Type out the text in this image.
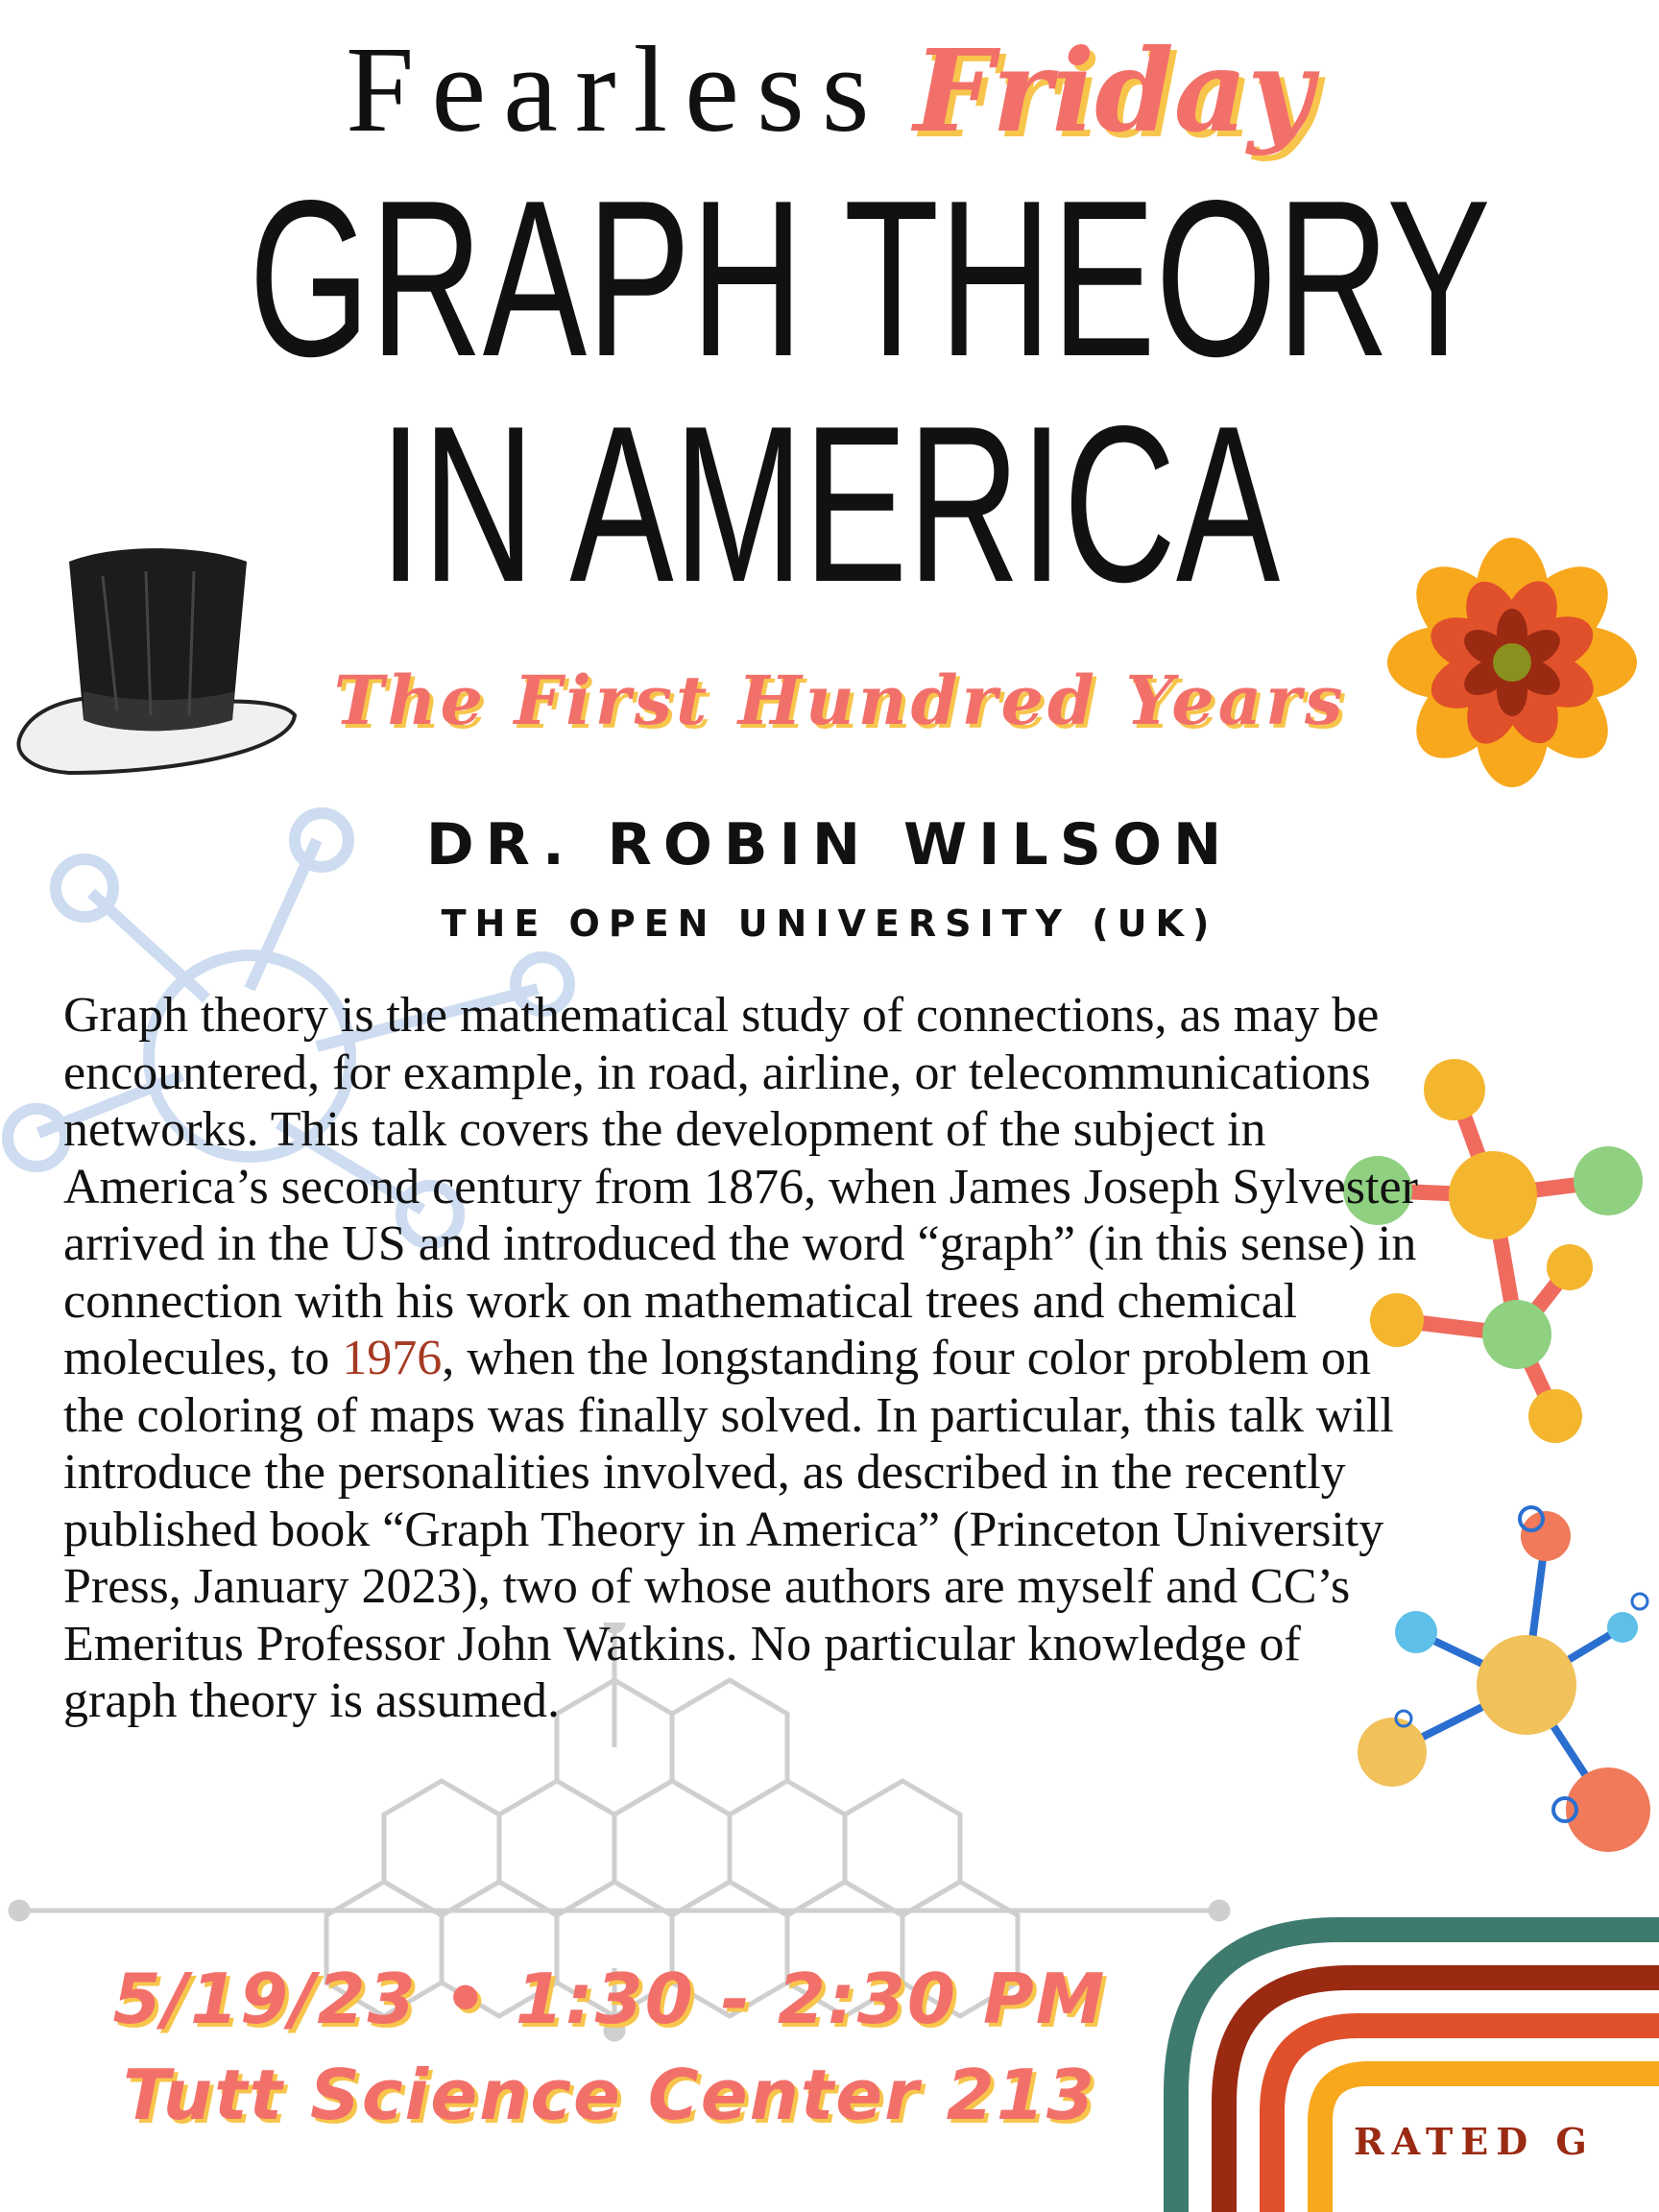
Fearless Friday
GRAPH THEORY
IN AMERICA
The First Hundred Years
DR. ROBIN WILSON
THE OPEN UNIVERSITY (UK)
Graph theory is the mathematical study of connections, as may be encountered, for example, in road, airline, or telecommunications networks. This talk covers the development of the subject in America’s second century from 1876, when James Joseph Sylvester arrived in the US and introduced the word “graph” (in this sense) in connection with his work on mathematical trees and chemical molecules, to 1976, when the longstanding four color problem on the coloring of maps was finally solved. In particular, this talk will introduce the personalities involved, as described in the recently published book “Graph Theory in America” (Princeton University Press, January 2023), two of whose authors are myself and CC’s Emeritus Professor John Watkins. No particular knowledge of graph theory is assumed.
5/19/23 • 1:30 - 2:30 PM
Tutt Science Center 213
RATED G
